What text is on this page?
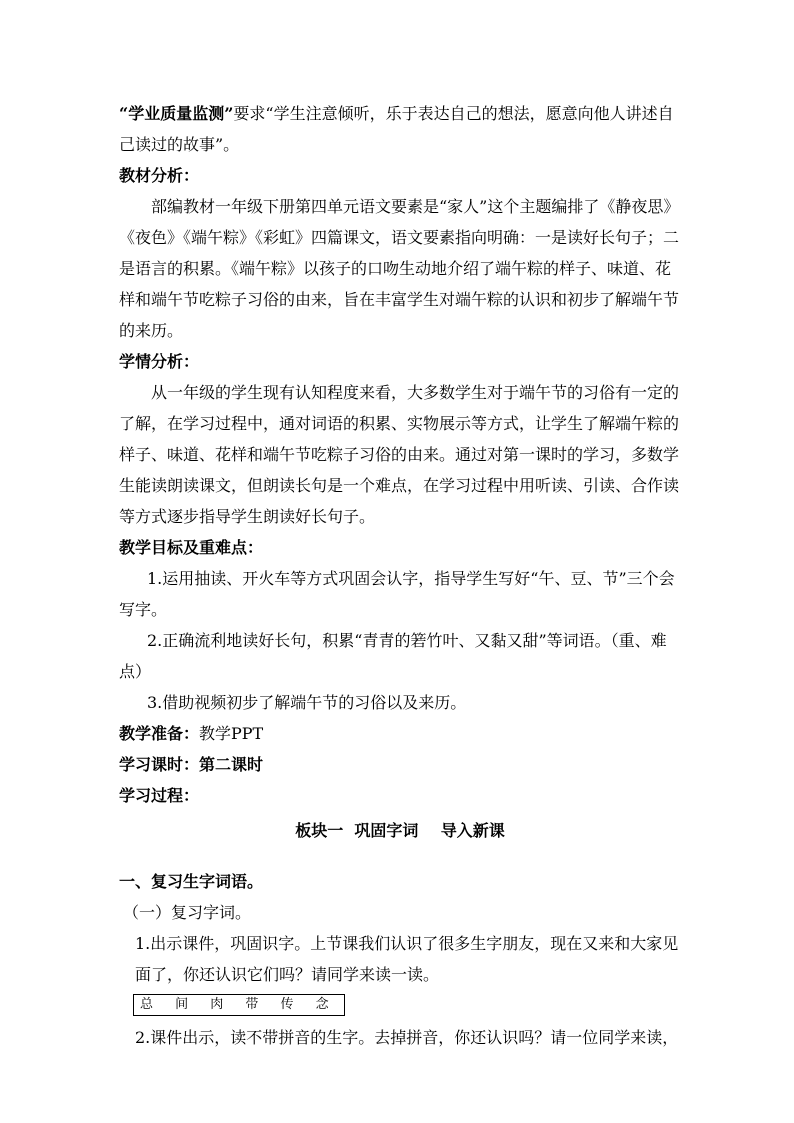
“学业质量监测”要求“学生注意倾听，乐于表达自己的想法，愿意向他人讲述自己读过的故事”。

教材分析：

部编教材一年级下册第四单元语文要素是“家人”这个主题编排了《静夜思》《夜色》《端午粽》《彩虹》四篇课文，语文要素指向明确：一是读好长句子；二是语言的积累。《端午粽》以孩子的口吻生动地介绍了端午粽的样子、味道、花样和端午节吃粽子习俗的由来，旨在丰富学生对端午粽的认识和初步了解端午节的来历。

学情分析：

从一年级的学生现有认知程度来看，大多数学生对于端午节的习俗有一定的了解，在学习过程中，通对词语的积累、实物展示等方式，让学生了解端午粽的样子、味道、花样和端午节吃粽子习俗的由来。通过对第一课时的学习，多数学生能读朗读课文，但朗读长句是一个难点，在学习过程中用听读、引读、合作读等方式逐步指导学生朗读好长句子。

教学目标及重难点：

1.运用抽读、开火车等方式巩固会认字，指导学生写好“午、豆、节”三个会写字。

2.正确流利地读好长句，积累“青青的箬竹叶、又黏又甜”等词语。（重、难点）

3.借助视频初步了解端午节的习俗以及来历。

教学准备：教学PPT

学习课时：第二课时

学习过程：

板块一  巩固字词    导入新课

一、复习生字词语。

（一）复习字词。

1.出示课件，巩固识字。上节课我们认识了很多生字朋友，现在又来和大家见面了，你还认识它们吗？请同学来读一读。

总 间 肉 带 传 念

2.课件出示，读不带拼音的生字。去掉拼音，你还认识吗？请一位同学来读，
